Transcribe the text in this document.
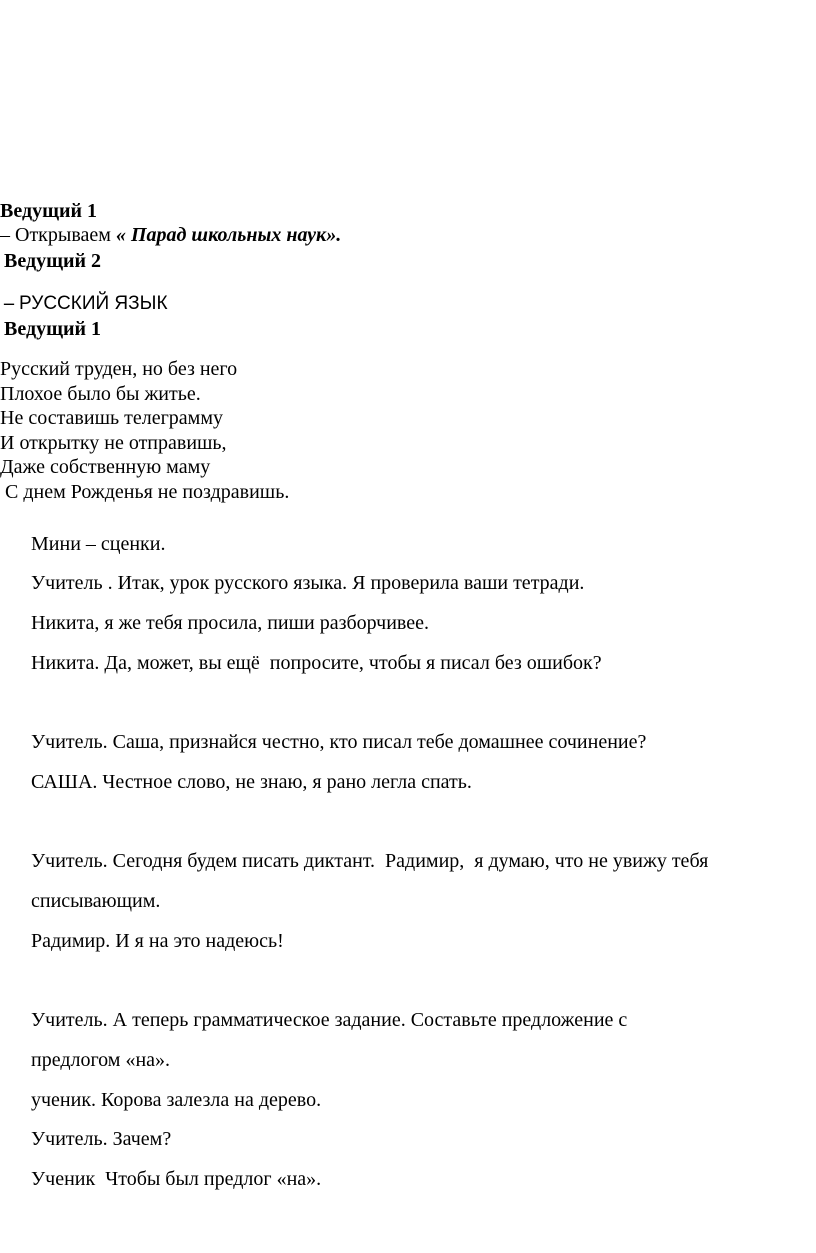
Ведущий 1
– Открываем « Парад школьных наук».
Ведущий 2
– РУССКИЙ ЯЗЫК
Ведущий 1
Русский труден, но без него
Плохое было бы житье.
Не составишь телеграмму
И открытку не отправишь,
Даже собственную маму
С днем Рожденья не поздравишь.
Мини – сценки.
Учитель . Итак, урок русского языка. Я проверила ваши тетради.
Никита, я же тебя просила, пиши разборчивее.
Никита. Да, может, вы ещё  попросите, чтобы я писал без ошибок?
Учитель. Саша, признайся честно, кто писал тебе домашнее сочинение?
САША. Честное слово, не знаю, я рано легла спать.
Учитель. Сегодня будем писать диктант.  Радимир,  я думаю, что не увижу тебя
списывающим.
Радимир. И я на это надеюсь!
Учитель. А теперь грамматическое задание. Составьте предложение с
предлогом «на».
ученик. Корова залезла на дерево.
Учитель. Зачем?
Ученик  Чтобы был предлог «на».
